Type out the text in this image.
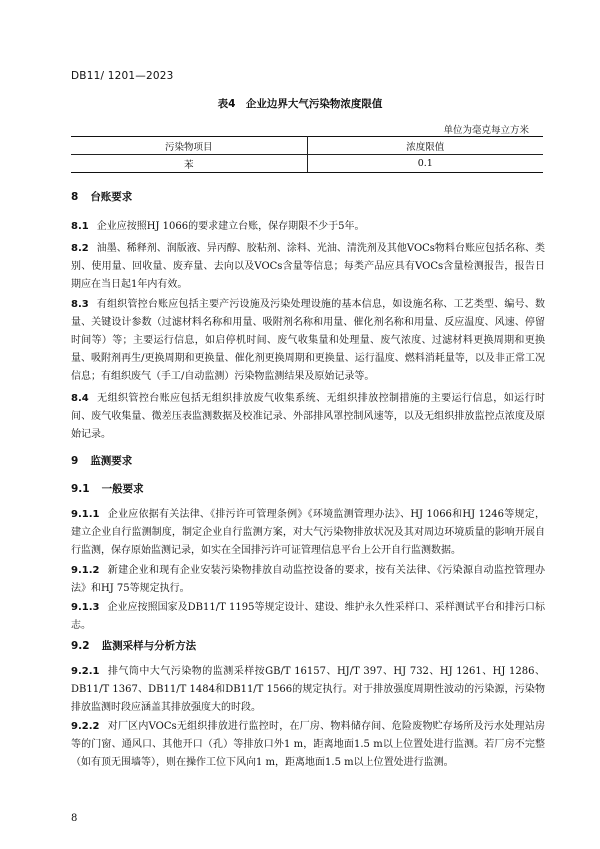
DB11/ 1201—2023
表4　企业边界大气污染物浓度限值
单位为毫克每立方米
污染物项目	浓度限值
苯	0.1
8 台账要求
8.1 企业应按照HJ 1066的要求建立台账，保存期限不少于5年。
8.2 油墨、稀释剂、润版液、异丙醇、胶粘剂、涂料、光油、清洗剂及其他VOCs物料台账应包括名称、类别、使用量、回收量、废弃量、去向以及VOCs含量等信息；每类产品应具有VOCs含量检测报告，报告日期应在当日起1年内有效。
8.3 有组织管控台账应包括主要产污设施及污染处理设施的基本信息，如设施名称、工艺类型、编号、数量、关键设计参数（过滤材料名称和用量、吸附剂名称和用量、催化剂名称和用量、反应温度、风速、停留时间等）等；主要运行信息，如启停机时间、废气收集量和处理量、废气浓度、过滤材料更换周期和更换量、吸附剂再生/更换周期和更换量、催化剂更换周期和更换量、运行温度、燃料消耗量等，以及非正常工况信息；有组织废气（手工/自动监测）污染物监测结果及原始记录等。
8.4 无组织管控台账应包括无组织排放废气收集系统、无组织排放控制措施的主要运行信息，如运行时间、废气收集量、微差压表监测数据及校准记录、外部排风罩控制风速等，以及无组织排放监控点浓度及原始记录。
9 监测要求
9.1 一般要求
9.1.1 企业应依据有关法律、《排污许可管理条例》《环境监测管理办法》、HJ 1066和HJ 1246等规定，建立企业自行监测制度，制定企业自行监测方案，对大气污染物排放状况及其对周边环境质量的影响开展自行监测，保存原始监测记录，如实在全国排污许可证管理信息平台上公开自行监测数据。
9.1.2 新建企业和现有企业安装污染物排放自动监控设备的要求，按有关法律、《污染源自动监控管理办法》和HJ 75等规定执行。
9.1.3 企业应按照国家及DB11/T 1195等规定设计、建设、维护永久性采样口、采样测试平台和排污口标志。
9.2 监测采样与分析方法
9.2.1 排气筒中大气污染物的监测采样按GB/T 16157、HJ/T 397、HJ 732、HJ 1261、HJ 1286、DB11/T 1367、DB11/T 1484和DB11/T 1566的规定执行。对于排放强度周期性波动的污染源，污染物排放监测时段应涵盖其排放强度大的时段。
9.2.2 对厂区内VOCs无组织排放进行监控时，在厂房、物料储存间、危险废物贮存场所及污水处理站房等的门窗、通风口、其他开口（孔）等排放口外1 m，距离地面1.5 m以上位置处进行监测。若厂房不完整（如有顶无围墙等），则在操作工位下风向1 m，距离地面1.5 m以上位置处进行监测。
8
